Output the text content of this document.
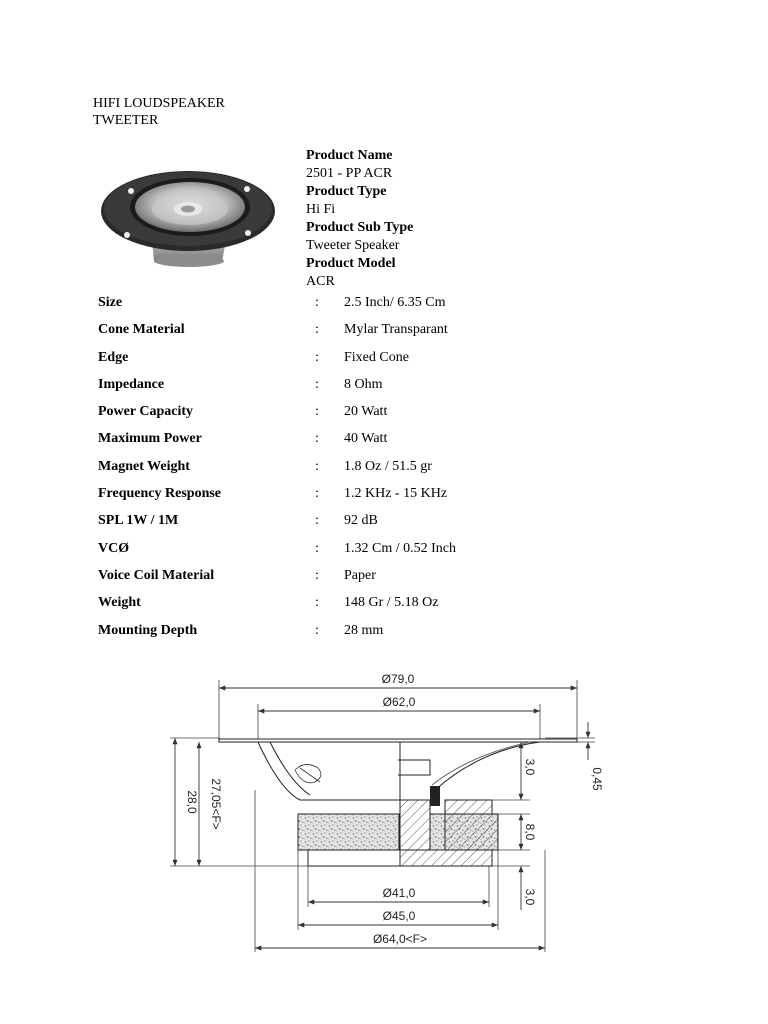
HIFI LOUDSPEAKER
TWEETER
Product Name
2501 - PP ACR
Product Type
Hi Fi
Product Sub Type
Tweeter Speaker
Product Model
ACR
Size	: 2.5 Inch/ 6.35 Cm
Cone Material	: Mylar Transparant
Edge	: Fixed Cone
Impedance	: 8 Ohm
Power Capacity	: 20 Watt
Maximum Power	: 40 Watt
Magnet Weight	: 1.8 Oz / 51.5 gr
Frequency Response	: 1.2 KHz - 15 KHz
SPL 1W / 1M	: 92 dB
VCØ	: 1.32 Cm / 0.52 Inch
Voice Coil Material	: Paper
Weight	: 148 Gr / 5.18 Oz
Mounting Depth	: 28 mm
Ø79,0
Ø62,0
Ø41,0
Ø45,0
Ø64,0<F>
28,0 27,05<F>
3,0
8,0
3,0
0,45
